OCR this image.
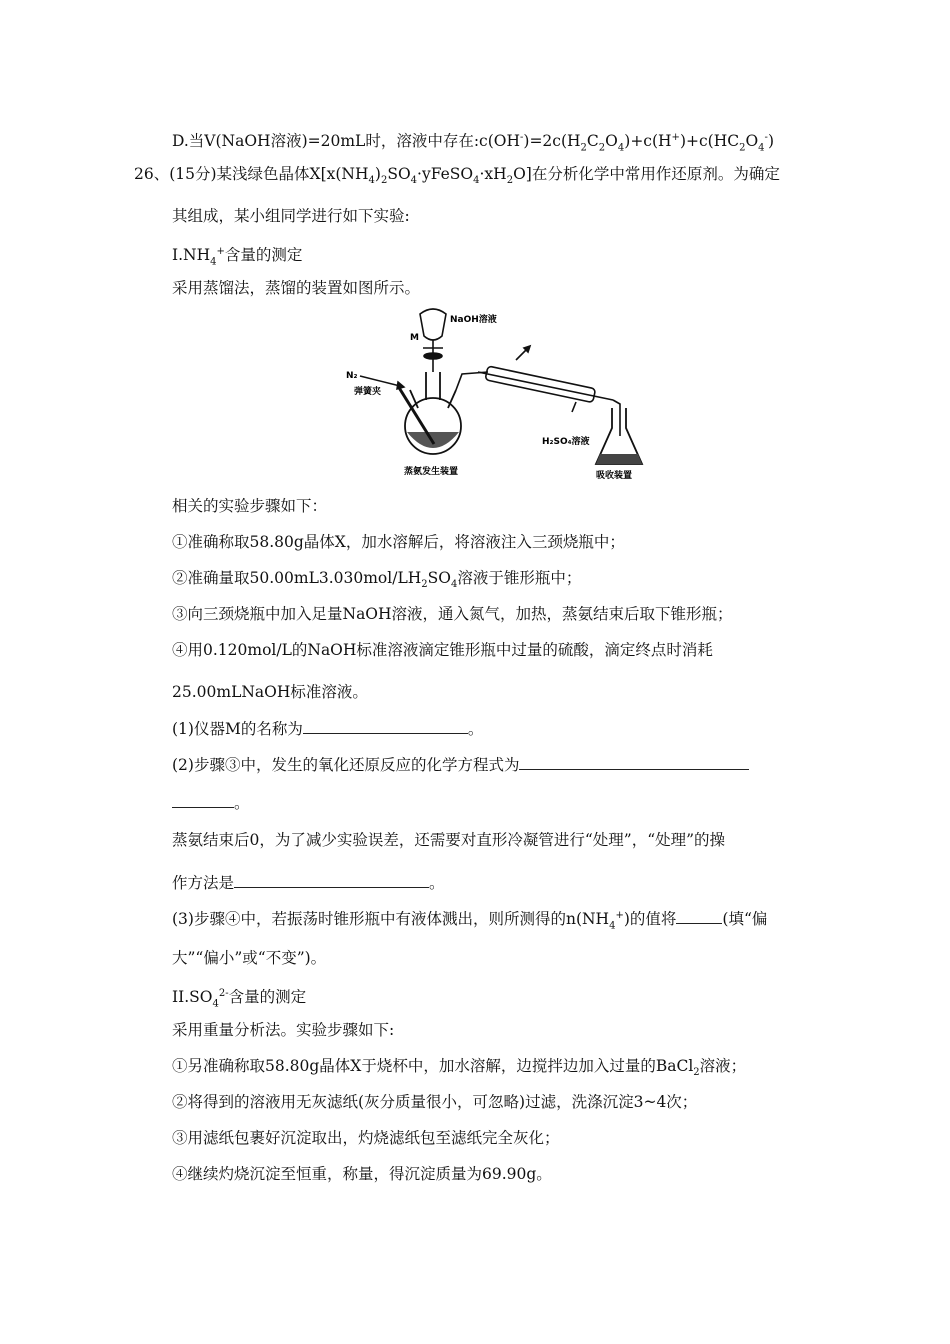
D.当V(NaOH溶液)=20mL时，溶液中存在$:c(OH^-)=2c(H_2C_2O_4)+c(H^+)+c(HC_2O_4^-)$
26、(15分)某浅绿色晶体$X[x(NH_4)_2SO_4\cdot yFeSO_4\cdot xH_2O]$在分析化学中常用作还原剂。为确定
其组成，某小组同学进行如下实验:
$I.NH_4^+$含量的测定
采用蒸馏法，蒸馏的装置如图所示。
M
NaOH溶液
N₂
弹簧夹
蒸氨发生装置
H₂SO₄溶液
吸收装置
相关的实验步骤如下：
①准确称取58.80g晶体X，加水溶解后，将溶液注入三颈烧瓶中；
②准确量取$50.00mL3.030mol/LH_2SO_4$溶液于锥形瓶中；
③向三颈烧瓶中加入足量NaOH溶液，通入氮气，加热，蒸氨结束后取下锥形瓶；
④用0.120mol/L的NaOH标准溶液滴定锥形瓶中过量的硫酸，滴定终点时消耗
25.00mLNaOH标准溶液。
(1)仪器M的名称为	。
(2)步骤③中，发生的氧化还原反应的化学方程式为
。
蒸氨结束后0，为了减少实验误差，还需要对直形冷凝管进行“处理”，“处理”的操
作方法是	。
(3)步骤④中，若振荡时锥形瓶中有液体溅出，则所测得的$n(NH_4^+)$的值将	(填“偏
大”“偏小”或“不变”)。
$II.SO_4^{2-}$含量的测定
采用重量分析法。实验步骤如下:
①另准确称取58.80g晶体X于烧杯中，加水溶解，边搅拌边加入过量的BaCl$_2$溶液；
②将得到的溶液用无灰滤纸(灰分质量很小，可忽略)过滤，洗涤沉淀3~4次；
③用滤纸包裹好沉淀取出，灼烧滤纸包至滤纸完全灰化；
④继续灼烧沉淀至恒重，称量，得沉淀质量为69.90g。
